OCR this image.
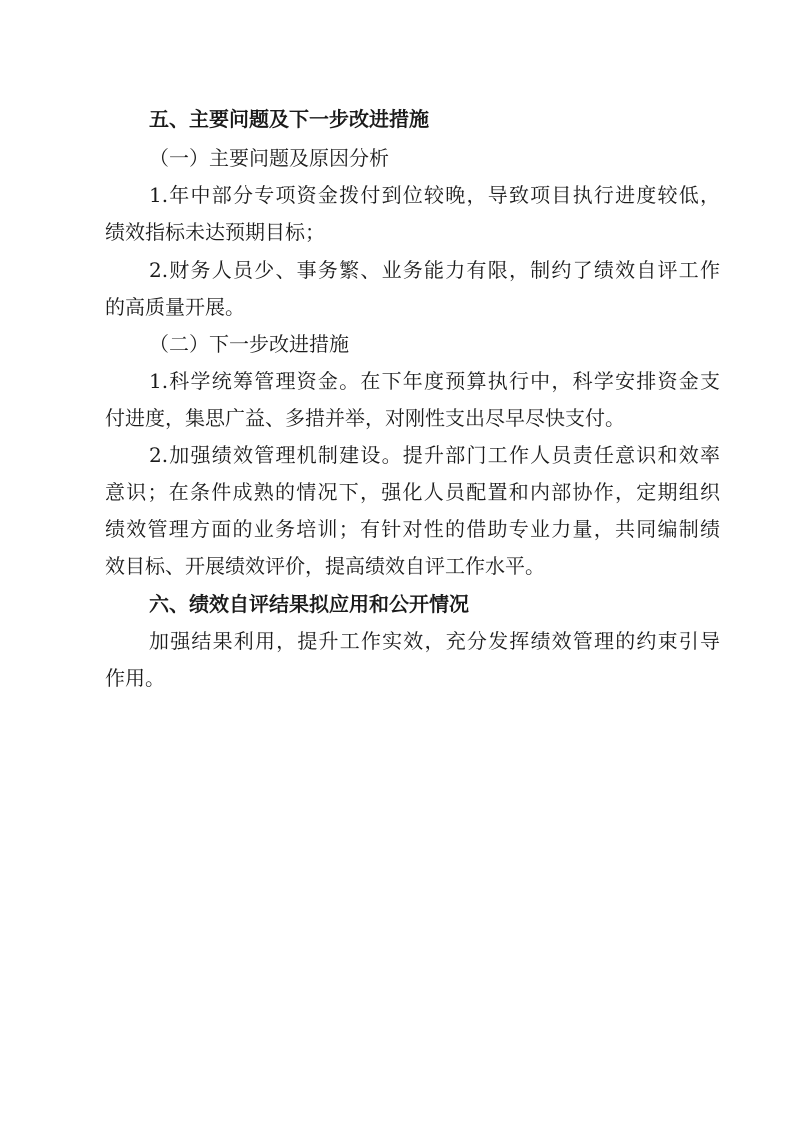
五、主要问题及下一步改进措施
（一）主要问题及原因分析
1.年中部分专项资金拨付到位较晚，导致项目执行进度较低，
绩效指标未达预期目标；
2.财务人员少、事务繁、业务能力有限，制约了绩效自评工作
的高质量开展。
（二）下一步改进措施
1.科学统筹管理资金。在下年度预算执行中，科学安排资金支
付进度，集思广益、多措并举，对刚性支出尽早尽快支付。
2.加强绩效管理机制建设。提升部门工作人员责任意识和效率
意识；在条件成熟的情况下，强化人员配置和内部协作，定期组织
绩效管理方面的业务培训；有针对性的借助专业力量，共同编制绩
效目标、开展绩效评价，提高绩效自评工作水平。
六、绩效自评结果拟应用和公开情况
加强结果利用，提升工作实效，充分发挥绩效管理的约束引导
作用。
